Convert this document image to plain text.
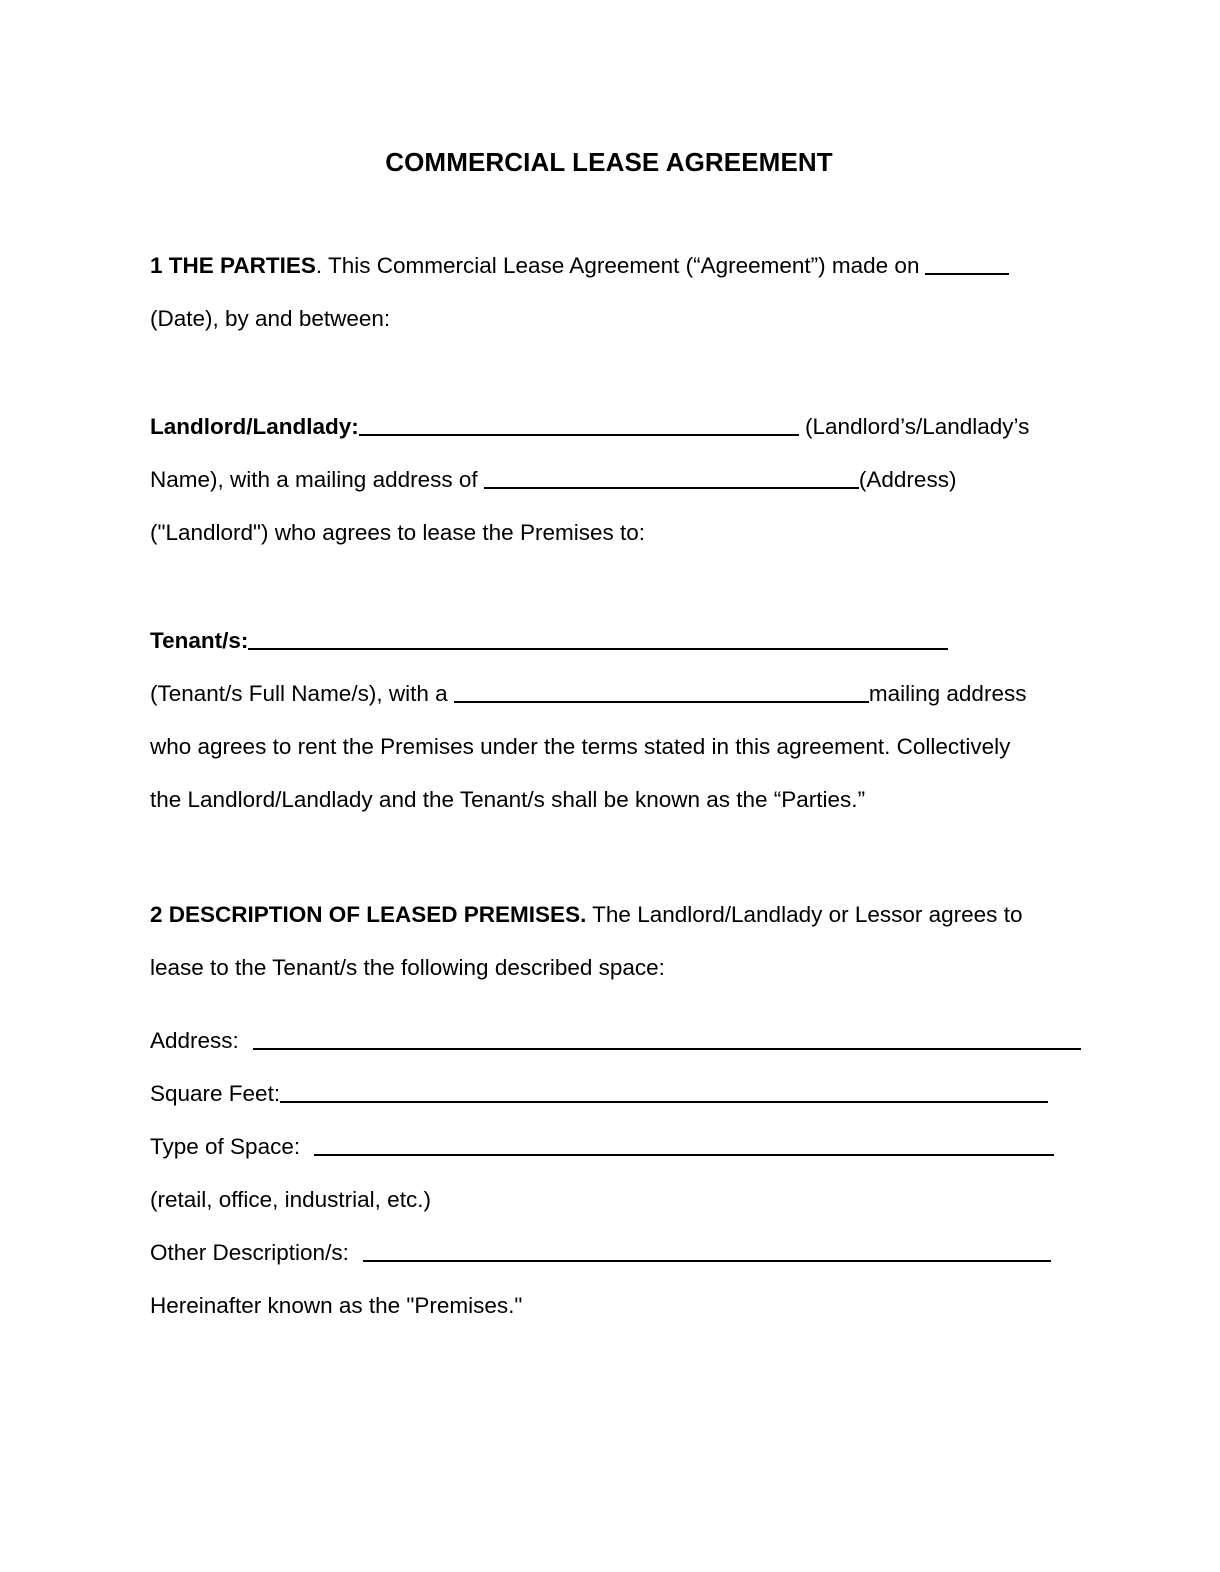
COMMERCIAL LEASE AGREEMENT

1 THE PARTIES. This Commercial Lease Agreement (“Agreement”) made on

(Date), by and between:

Landlord/Landlady:	(Landlord’s/Landlady’s

Name), with a mailing address of	(Address)

("Landlord") who agrees to lease the Premises to:

Tenant/s:

(Tenant/s Full Name/s), with a	mailing address

who agrees to rent the Premises under the terms stated in this agreement. Collectively

the Landlord/Landlady and the Tenant/s shall be known as the “Parties.”

2 DESCRIPTION OF LEASED PREMISES. The Landlord/Landlady or Lessor agrees to

lease to the Tenant/s the following described space:

Address:
Square Feet:
Type of Space:

(retail, office, industrial, etc.)

Other Description/s:

Hereinafter known as the "Premises."
